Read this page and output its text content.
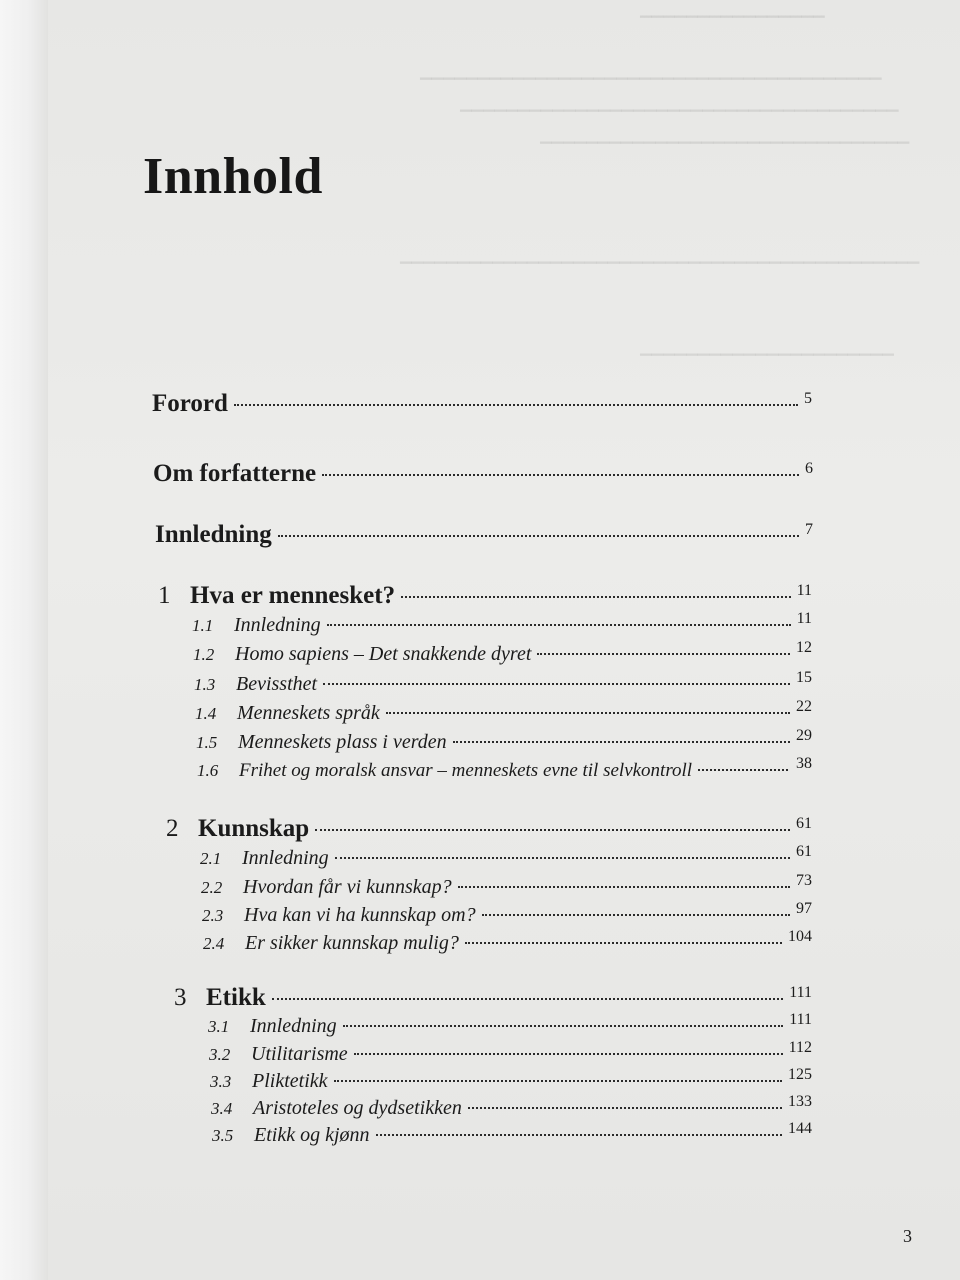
▁▁▁▁▁▁▁▁▁▁▁▁▁▁▁▁
▁▁▁▁▁▁▁▁▁▁▁▁▁▁▁▁▁▁▁▁▁▁▁▁▁▁▁▁▁▁▁▁▁▁▁▁▁▁▁▁
▁▁▁▁▁▁▁▁▁▁▁▁▁▁▁▁▁▁▁▁▁▁▁▁▁▁▁▁▁▁▁▁▁▁▁▁▁▁
▁▁▁▁▁▁▁▁▁▁▁▁▁▁▁▁▁▁▁▁▁▁▁▁▁▁▁▁▁▁▁▁
▁▁▁▁▁▁▁▁▁▁▁▁▁▁▁▁▁▁▁▁▁▁▁▁▁▁▁▁▁▁▁▁▁▁▁▁▁▁▁▁▁▁▁▁▁
▁▁▁▁▁▁▁▁▁▁▁▁▁▁▁▁▁▁▁▁▁▁
Innhold
Forord	5
Om forfatterne	6
Innledning	7
1 Hva er mennesket?	11
1.1	Innledning	11
1.2	Homo sapiens – Det snakkende dyret	12
1.3	Bevissthet	15
1.4	Menneskets språk	22
1.5	Menneskets plass i verden	29
1.6	Frihet og moralsk ansvar – menneskets evne til selvkontroll	38
2 Kunnskap	61
2.1	Innledning	61
2.2	Hvordan får vi kunnskap?	73
2.3	Hva kan vi ha kunnskap om?	97
2.4	Er sikker kunnskap mulig?	104
3 Etikk	111
3.1	Innledning	111
3.2	Utilitarisme	112
3.3	Pliktetikk	125
3.4	Aristoteles og dydsetikken	133
3.5	Etikk og kjønn	144
3
